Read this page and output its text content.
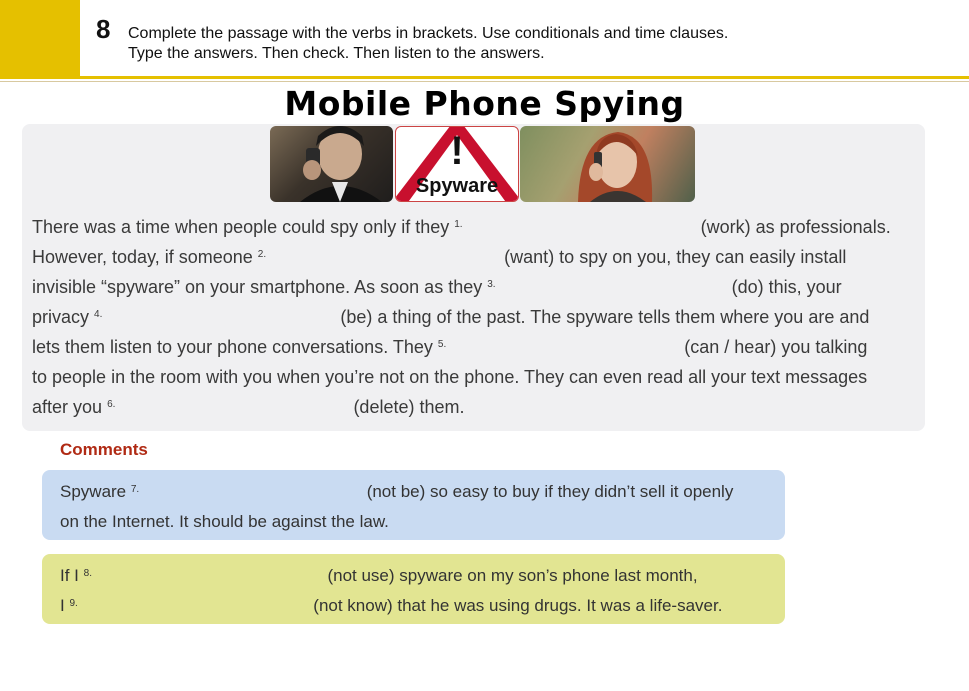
8 Complete the passage with the verbs in brackets. Use conditionals and time clauses.
Type the answers. Then check. Then listen to the answers.
Mobile Phone Spying
!
Spyware
There was a time when people could spy only if they $^{1.}$	(work) as professionals.
However, today, if someone $^{2.}$	(want) to spy on you, they can easily install
invisible “spyware” on your smartphone. As soon as they $^{3.}$	(do) this, your
privacy $^{4.}$	(be) a thing of the past. The spyware tells them where you are and
lets them listen to your phone conversations. They $^{5.}$	(can / hear) you talking
to people in the room with you when you’re not on the phone. They can even read all your text messages
after you $^{6.}$	(delete) them.
Comments
Spyware $^{7.}$	(not be) so easy to buy if they didn’t sell it openly
on the Internet. It should be against the law.
If I $^{8.}$	(not use) spyware on my son’s phone last month,
I $^{9.}$	(not know) that he was using drugs. It was a life-saver.
